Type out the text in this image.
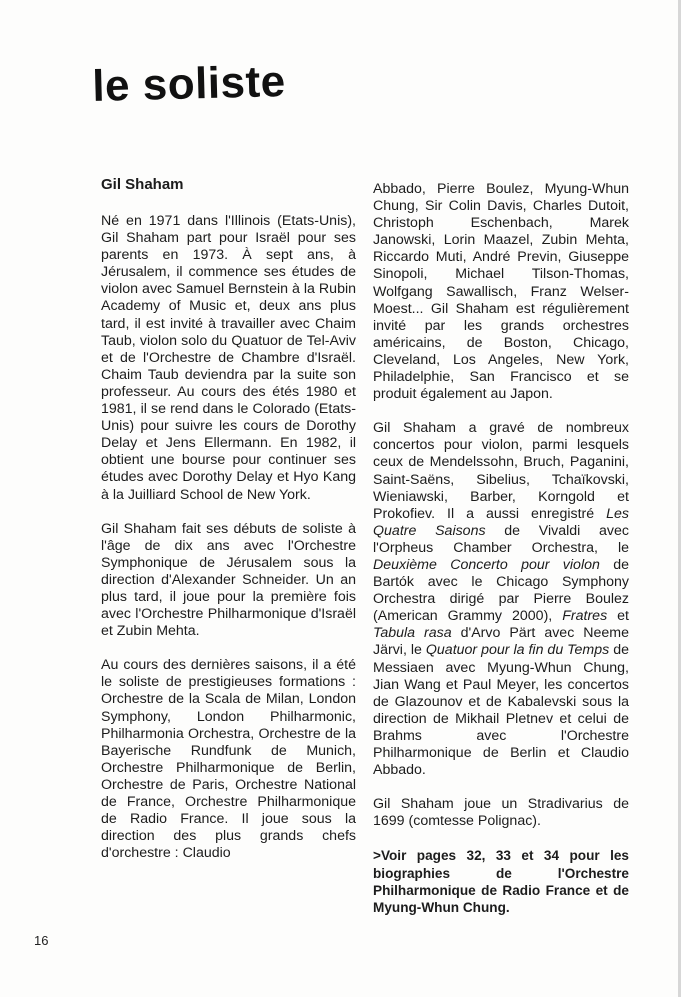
le soliste
Gil Shaham

Né en 1971 dans l'Illinois (Etats-Unis), Gil Shaham part pour Israël pour ses parents en 1973. À sept ans, à Jérusalem, il commence ses études de violon avec Samuel Bernstein à la Rubin Academy of Music et, deux ans plus tard, il est invité à travailler avec Chaim Taub, violon solo du Quatuor de Tel-Aviv et de l'Orchestre de Chambre d'Israël. Chaim Taub deviendra par la suite son professeur. Au cours des étés 1980 et 1981, il se rend dans le Colorado (Etats-Unis) pour suivre les cours de Dorothy Delay et Jens Ellermann. En 1982, il obtient une bourse pour continuer ses études avec Dorothy Delay et Hyo Kang à la Juilliard School de New York.

Gil Shaham fait ses débuts de soliste à l'âge de dix ans avec l'Orchestre Symphonique de Jérusalem sous la direction d'Alexander Schneider. Un an plus tard, il joue pour la première fois avec l'Orchestre Philharmonique d'Israël et Zubin Mehta.

Au cours des dernières saisons, il a été le soliste de prestigieuses formations : Orchestre de la Scala de Milan, London Symphony, London Philharmonic, Philharmonia Orchestra, Orchestre de la Bayerische Rundfunk de Munich, Orchestre Philharmonique de Berlin, Orchestre de Paris, Orchestre National de France, Orchestre Philharmonique de Radio France. Il joue sous la direction des plus grands chefs d'orchestre : Claudio

Abbado, Pierre Boulez, Myung-Whun Chung, Sir Colin Davis, Charles Dutoit, Christoph Eschenbach, Marek Janowski, Lorin Maazel, Zubin Mehta, Riccardo Muti, André Previn, Giuseppe Sinopoli, Michael Tilson-Thomas, Wolfgang Sawallisch, Franz Welser-Moest... Gil Shaham est régulièrement invité par les grands orchestres américains, de Boston, Chicago, Cleveland, Los Angeles, New York, Philadelphie, San Francisco et se produit également au Japon.

Gil Shaham a gravé de nombreux concertos pour violon, parmi lesquels ceux de Mendelssohn, Bruch, Paganini, Saint-Saëns, Sibelius, Tchaïkovski, Wieniawski, Barber, Korngold et Prokofiev. Il a aussi enregistré Les Quatre Saisons de Vivaldi avec l'Orpheus Chamber Orchestra, le Deuxième Concerto pour violon de Bartók avec le Chicago Symphony Orchestra dirigé par Pierre Boulez (American Grammy 2000), Fratres et Tabula rasa d'Arvo Pärt avec Neeme Järvi, le Quatuor pour la fin du Temps de Messiaen avec Myung-Whun Chung, Jian Wang et Paul Meyer, les concertos de Glazounov et de Kabalevski sous la direction de Mikhail Pletnev et celui de Brahms avec l'Orchestre Philharmonique de Berlin et Claudio Abbado.

Gil Shaham joue un Stradivarius de 1699 (comtesse Polignac).

>Voir pages 32, 33 et 34 pour les biographies de l'Orchestre Philharmonique de Radio France et de Myung-Whun Chung.

16
